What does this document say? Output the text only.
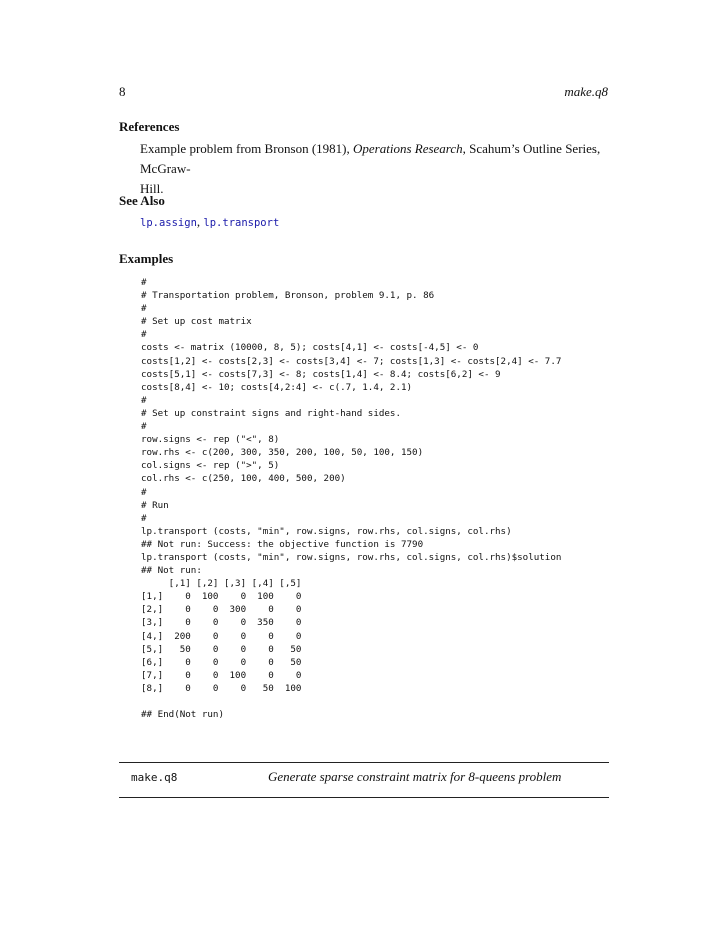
8	make.q8
References
Example problem from Bronson (1981), Operations Research, Scahum’s Outline Series, McGraw-
Hill.
See Also
lp.assign, lp.transport
Examples
#
# Transportation problem, Bronson, problem 9.1, p. 86
#
# Set up cost matrix
#
costs <- matrix (10000, 8, 5); costs[4,1] <- costs[-4,5] <- 0
costs[1,2] <- costs[2,3] <- costs[3,4] <- 7; costs[1,3] <- costs[2,4] <- 7.7
costs[5,1] <- costs[7,3] <- 8; costs[1,4] <- 8.4; costs[6,2] <- 9
costs[8,4] <- 10; costs[4,2:4] <- c(.7, 1.4, 2.1)
#
# Set up constraint signs and right-hand sides.
#
row.signs <- rep ("<", 8)
row.rhs <- c(200, 300, 350, 200, 100, 50, 100, 150)
col.signs <- rep (">", 5)
col.rhs <- c(250, 100, 400, 500, 200)
#
# Run
#
lp.transport (costs, "min", row.signs, row.rhs, col.signs, col.rhs)
## Not run: Success: the objective function is 7790
lp.transport (costs, "min", row.signs, row.rhs, col.signs, col.rhs)$solution
## Not run:
[,1] [,2] [,3] [,4] [,5]
[1,]    0  100    0  100    0
[2,]    0    0  300    0    0
[3,]    0    0    0  350    0
[4,]  200    0    0    0    0
[5,]   50    0    0    0   50
[6,]    0    0    0    0   50
[7,]    0    0  100    0    0
[8,]    0    0    0   50  100

## End(Not run)

make.q8	Generate sparse constraint matrix for 8-queens problem
